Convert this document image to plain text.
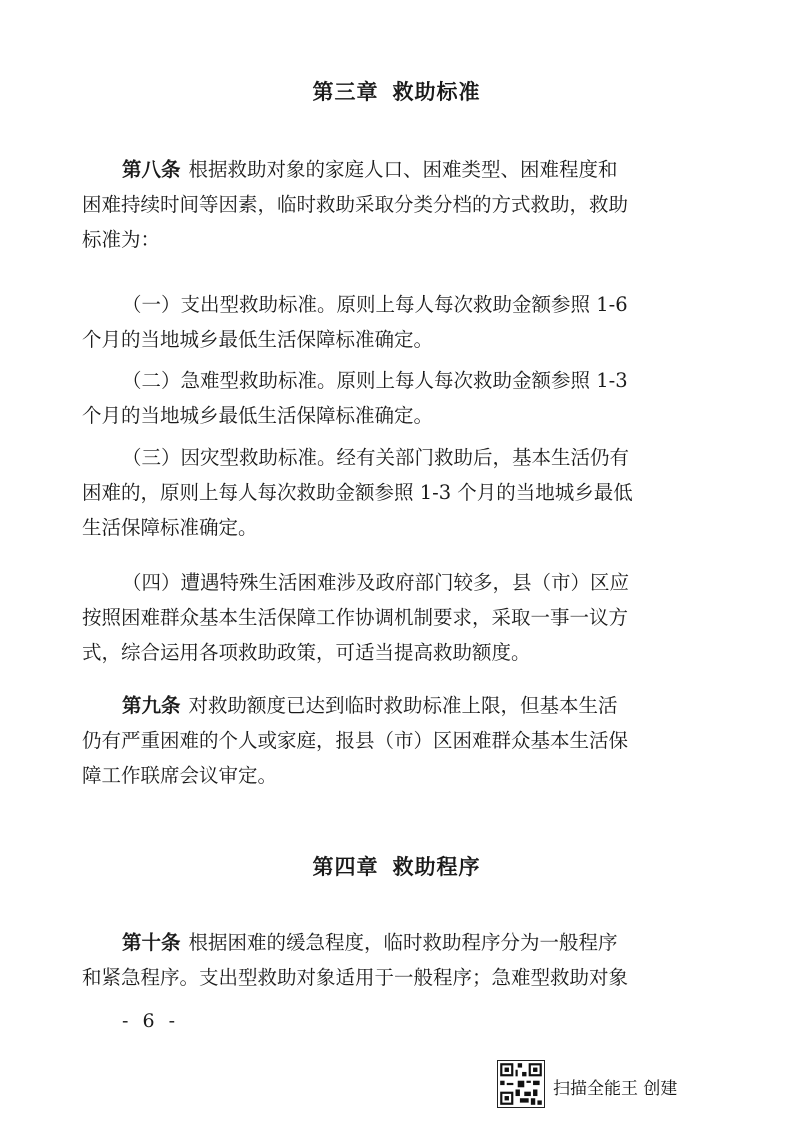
第三章 救助标准

第八条 根据救助对象的家庭人口、困难类型、困难程度和
困难持续时间等因素，临时救助采取分类分档的方式救助，救助
标准为：

（一）支出型救助标准。原则上每人每次救助金额参照 1-6
个月的当地城乡最低生活保障标准确定。

（二）急难型救助标准。原则上每人每次救助金额参照 1-3
个月的当地城乡最低生活保障标准确定。

（三）因灾型救助标准。经有关部门救助后，基本生活仍有
困难的，原则上每人每次救助金额参照 1-3 个月的当地城乡最低
生活保障标准确定。

（四）遭遇特殊生活困难涉及政府部门较多，县（市）区应
按照困难群众基本生活保障工作协调机制要求，采取一事一议方
式，综合运用各项救助政策，可适当提高救助额度。

第九条 对救助额度已达到临时救助标准上限，但基本生活
仍有严重困难的个人或家庭，报县（市）区困难群众基本生活保
障工作联席会议审定。

第四章 救助程序

第十条 根据困难的缓急程度，临时救助程序分为一般程序
和紧急程序。支出型救助对象适用于一般程序；急难型救助对象

- 6 -
扫描全能王 创建
